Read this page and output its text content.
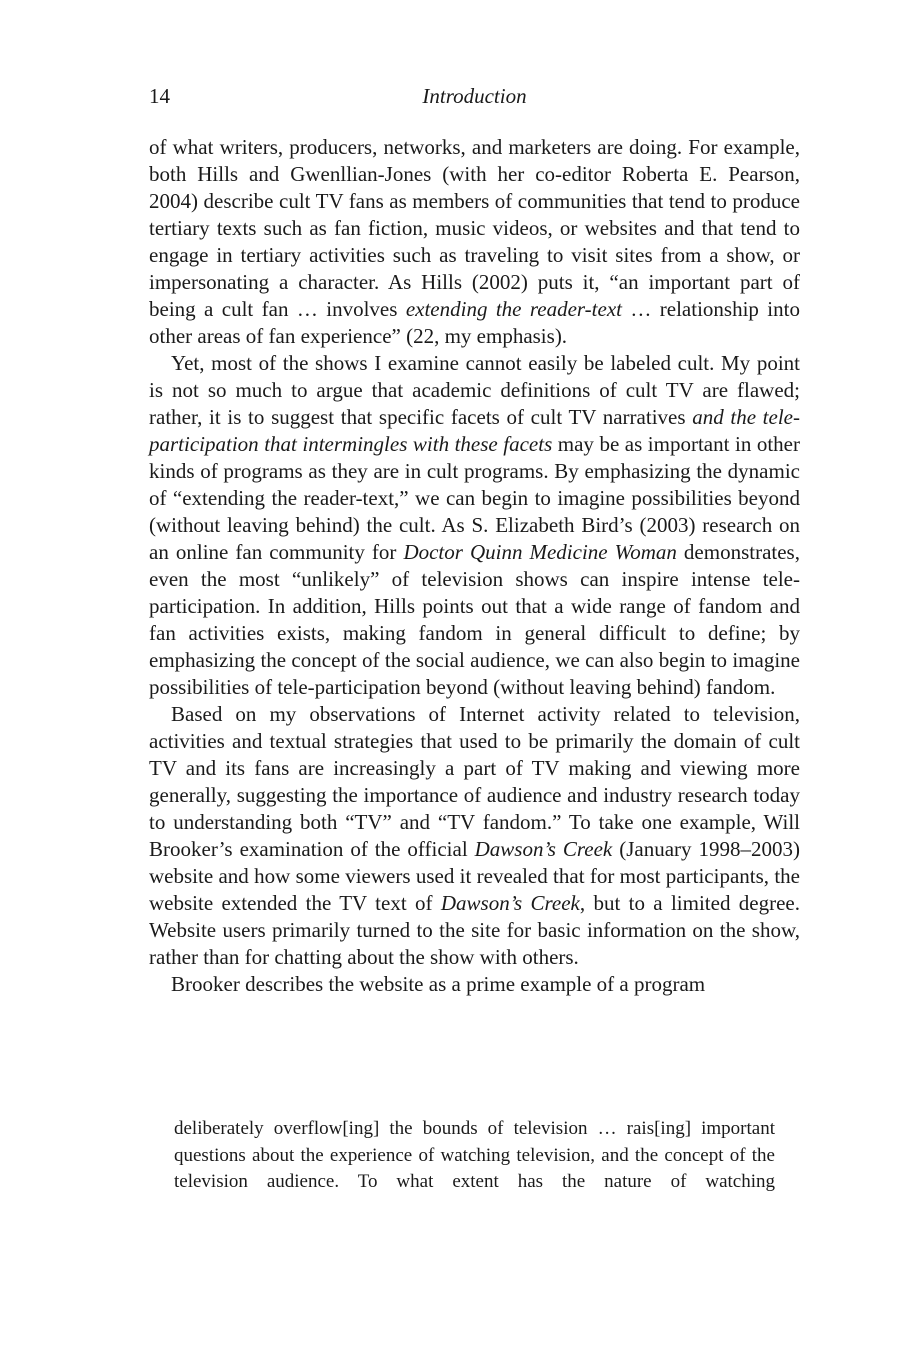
14	Introduction

of what writers, producers, networks, and marketers are doing. For example, both Hills and Gwenllian-Jones (with her co-editor Roberta E. Pearson, 2004) describe cult TV fans as members of communities that tend to produce tertiary texts such as fan fiction, music videos, or websites and that tend to engage in tertiary activities such as traveling to visit sites from a show, or impersonating a character. As Hills (2002) puts it, “an important part of being a cult fan … involves extending the reader-text … relationship into other areas of fan experience” (22, my emphasis).

Yet, most of the shows I examine cannot easily be labeled cult. My point is not so much to argue that academic definitions of cult TV are flawed; rather, it is to suggest that specific facets of cult TV narratives and the tele-participation that intermingles with these facets may be as important in other kinds of programs as they are in cult programs. By emphasizing the dynamic of “extending the reader-text,” we can begin to imagine possibilities beyond (without leaving behind) the cult. As S. Elizabeth Bird’s (2003) research on an online fan community for Doctor Quinn Medicine Woman demonstrates, even the most “unlikely” of television shows can inspire intense tele-participation. In addition, Hills points out that a wide range of fandom and fan activities exists, making fandom in general difficult to define; by emphasizing the concept of the social audience, we can also begin to imagine possibilities of tele-participation beyond (without leaving behind) fandom.

Based on my observations of Internet activity related to television, activities and textual strategies that used to be primarily the domain of cult TV and its fans are increasingly a part of TV making and viewing more generally, suggesting the importance of audience and industry research today to understanding both “TV” and “TV fandom.” To take one example, Will Brooker’s examination of the official Dawson’s Creek (January 1998–2003) website and how some viewers used it revealed that for most participants, the website extended the TV text of Dawson’s Creek, but to a limited degree. Website users primarily turned to the site for basic information on the show, rather than for chatting about the show with others.

Brooker describes the website as a prime example of a program

deliberately overflow[ing] the bounds of television … rais[ing] important questions about the experience of watching television, and the concept of the television audience. To what extent has the nature of watching
